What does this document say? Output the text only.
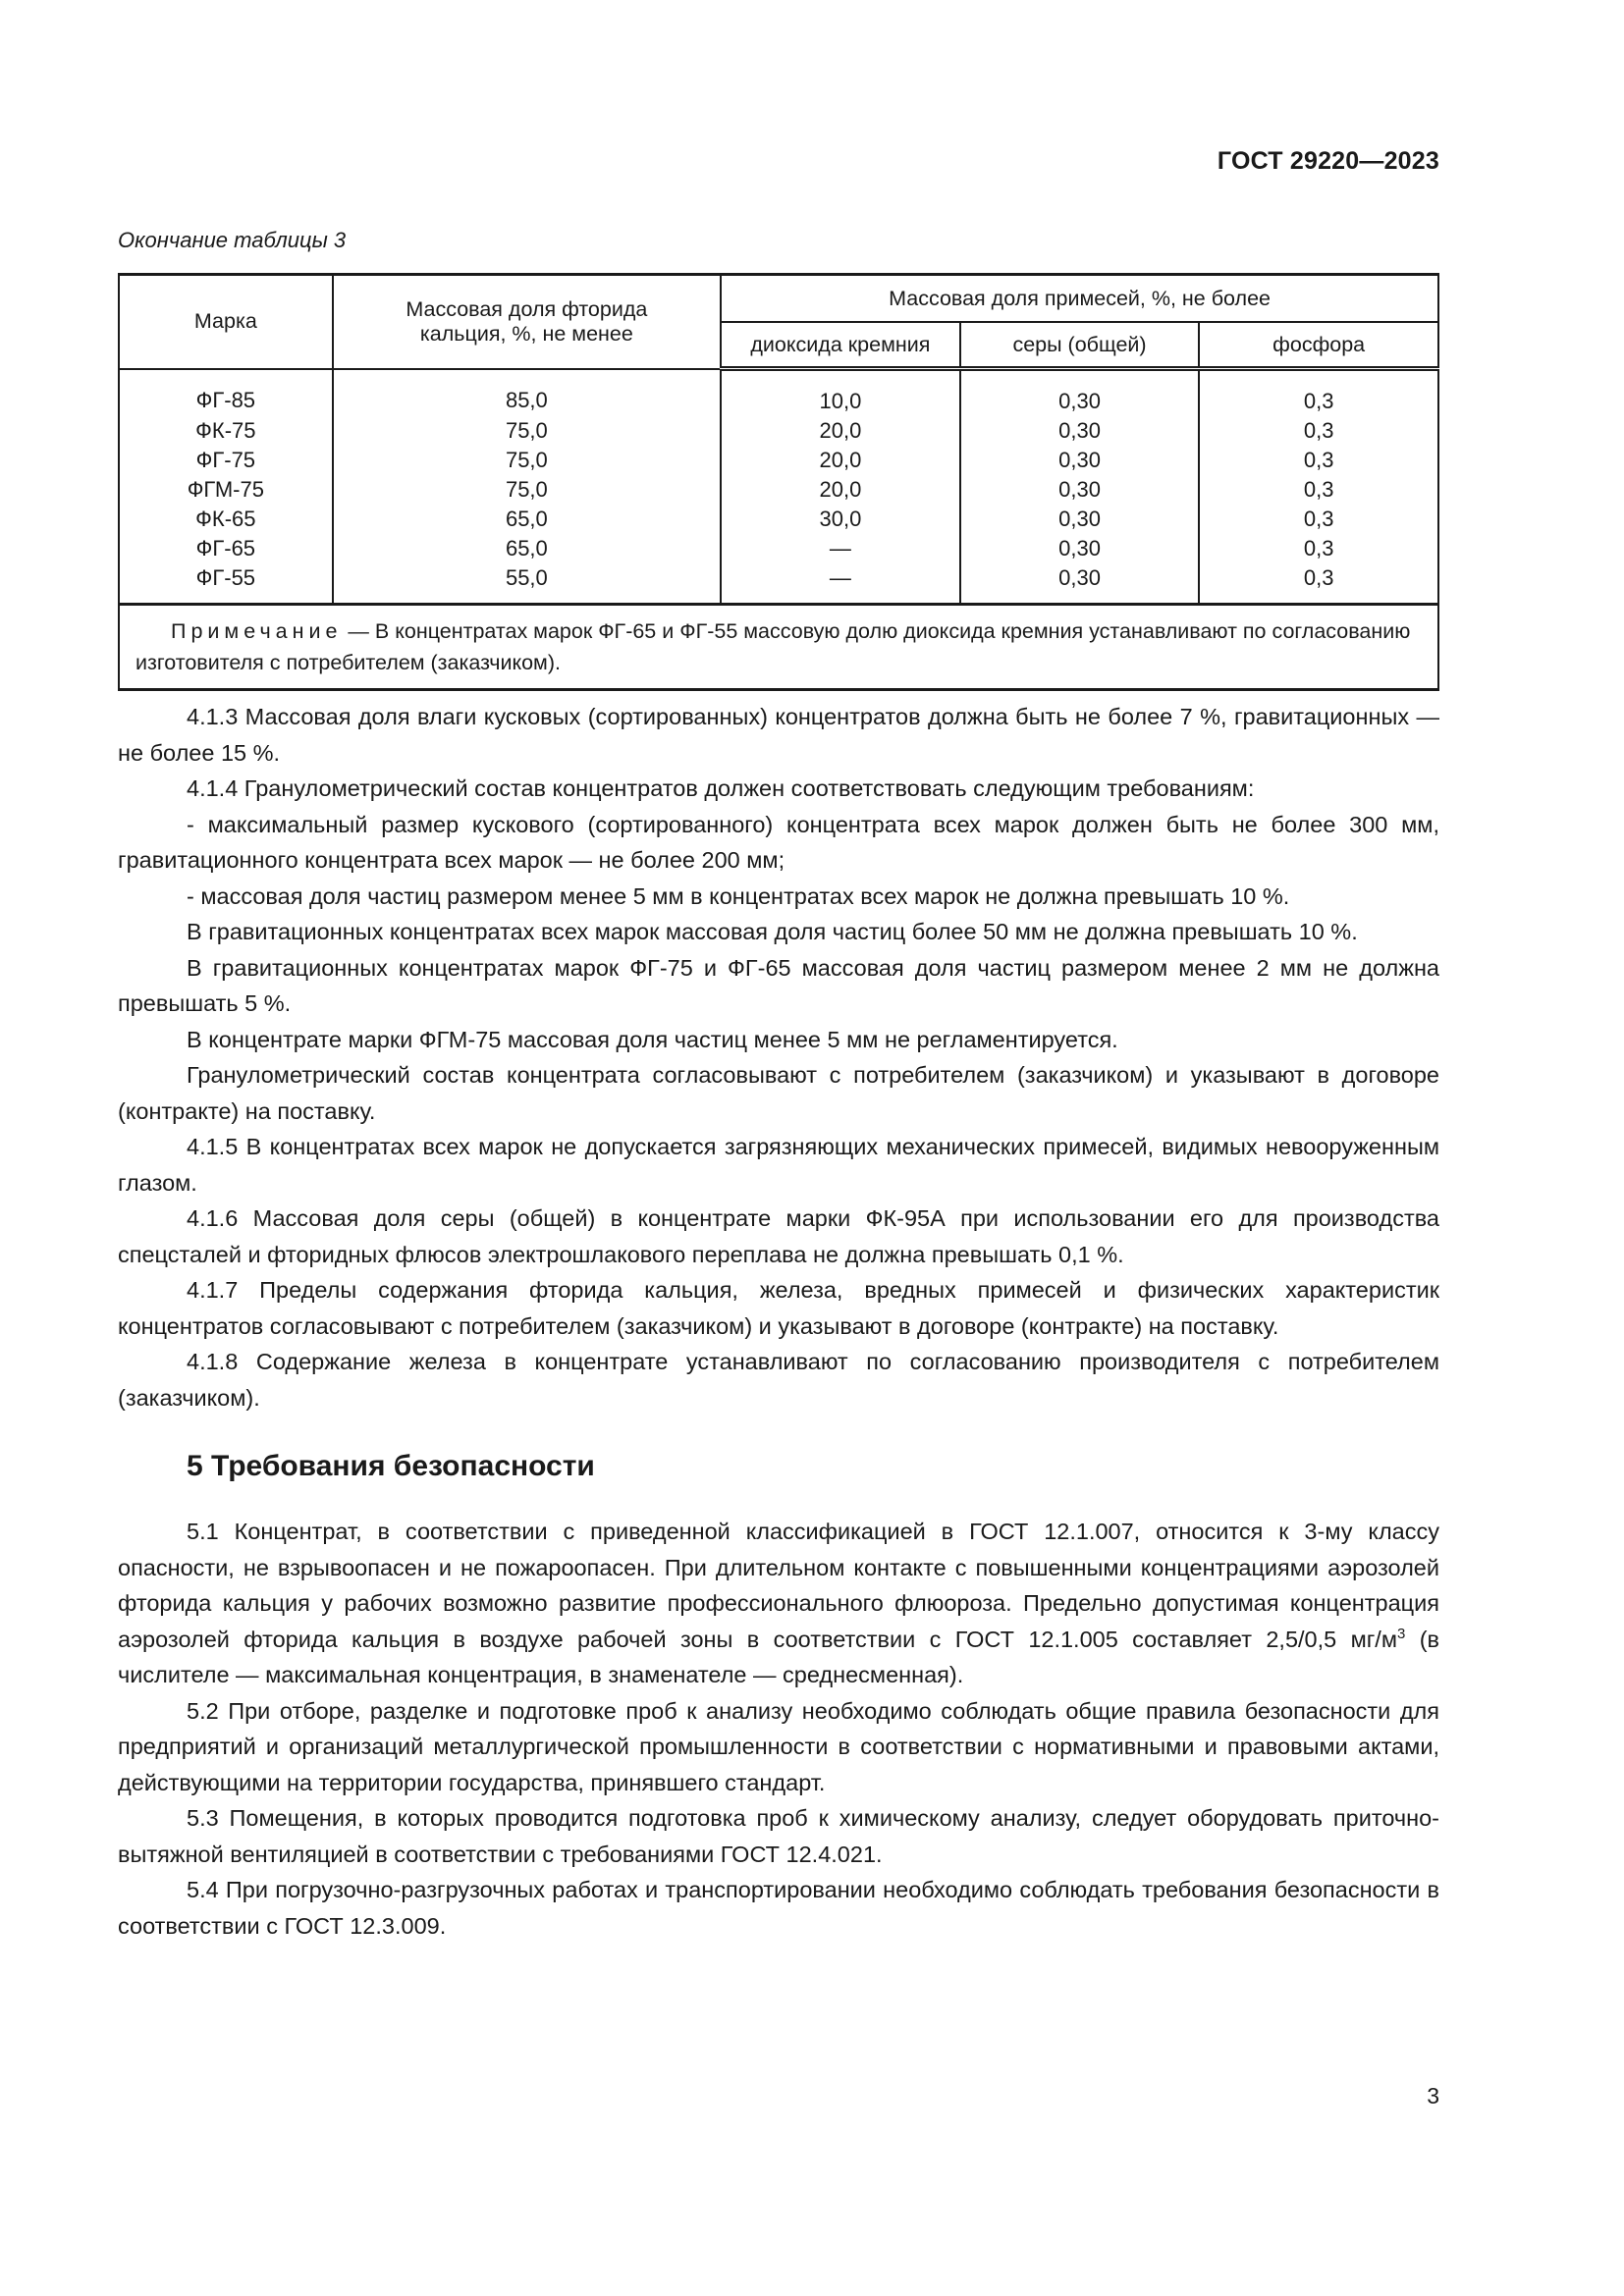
ГОСТ 29220—2023
Окончание таблицы 3
Марка	Массовая доля фторида кальция, %, не менее	Массовая доля примесей, %, не более		
		диоксида кремния	серы (общей)	фосфора
ФГ-85	85,0	10,0	0,30	0,3
ФК-75	75,0	20,0	0,30	0,3
ФГ-75	75,0	20,0	0,30	0,3
ФГМ-75	75,0	20,0	0,30	0,3
ФК-65	65,0	30,0	0,30	0,3
ФГ-65	65,0	—	0,30	0,3
ФГ-55	55,0	—	0,30	0,3
Примечание — В концентратах марок ФГ-65 и ФГ-55 массовую долю диоксида кремния устанавливают по согласованию изготовителя с потребителем (заказчиком).				

4.1.3 Массовая доля влаги кусковых (сортированных) концентратов должна быть не более 7 %, гравитационных — не более 15 %.

4.1.4 Гранулометрический состав концентратов должен соответствовать следующим требованиям:

- максимальный размер кускового (сортированного) концентрата всех марок должен быть не более 300 мм, гравитационного концентрата всех марок — не более 200 мм;

- массовая доля частиц размером менее 5 мм в концентратах всех марок не должна превышать 10 %.

В гравитационных концентратах всех марок массовая доля частиц более 50 мм не должна превышать 10 %.

В гравитационных концентратах марок ФГ-75 и ФГ-65 массовая доля частиц размером менее 2 мм не должна превышать 5 %.

В концентрате марки ФГМ-75 массовая доля частиц менее 5 мм не регламентируется.

Гранулометрический состав концентрата согласовывают с потребителем (заказчиком) и указывают в договоре (контракте) на поставку.

4.1.5 В концентратах всех марок не допускается загрязняющих механических примесей, видимых невооруженным глазом.

4.1.6 Массовая доля серы (общей) в концентрате марки ФК-95А при использовании его для производства спецсталей и фторидных флюсов электрошлакового переплава не должна превышать 0,1 %.

4.1.7 Пределы содержания фторида кальция, железа, вредных примесей и физических характеристик концентратов согласовывают с потребителем (заказчиком) и указывают в договоре (контракте) на поставку.

4.1.8 Содержание железа в концентрате устанавливают по согласованию производителя с потребителем (заказчиком).

5 Требования безопасности

5.1 Концентрат, в соответствии с приведенной классификацией в ГОСТ 12.1.007, относится к 3-му классу опасности, не взрывоопасен и не пожароопасен. При длительном контакте с повышенными концентрациями аэрозолей фторида кальция у рабочих возможно развитие профессионального флюороза. Предельно допустимая концентрация аэрозолей фторида кальция в воздухе рабочей зоны в соответствии с ГОСТ 12.1.005 составляет 2,5/0,5 $мг/м^3$ (в числителе — максимальная концентрация, в знаменателе — среднесменная).

5.2 При отборе, разделке и подготовке проб к анализу необходимо соблюдать общие правила безопасности для предприятий и организаций металлургической промышленности в соответствии с нормативными и правовыми актами, действующими на территории государства, принявшего стандарт.

5.3 Помещения, в которых проводится подготовка проб к химическому анализу, следует оборудовать приточно-вытяжной вентиляцией в соответствии с требованиями ГОСТ 12.4.021.

5.4 При погрузочно-разгрузочных работах и транспортировании необходимо соблюдать требования безопасности в соответствии с ГОСТ 12.3.009.

3
